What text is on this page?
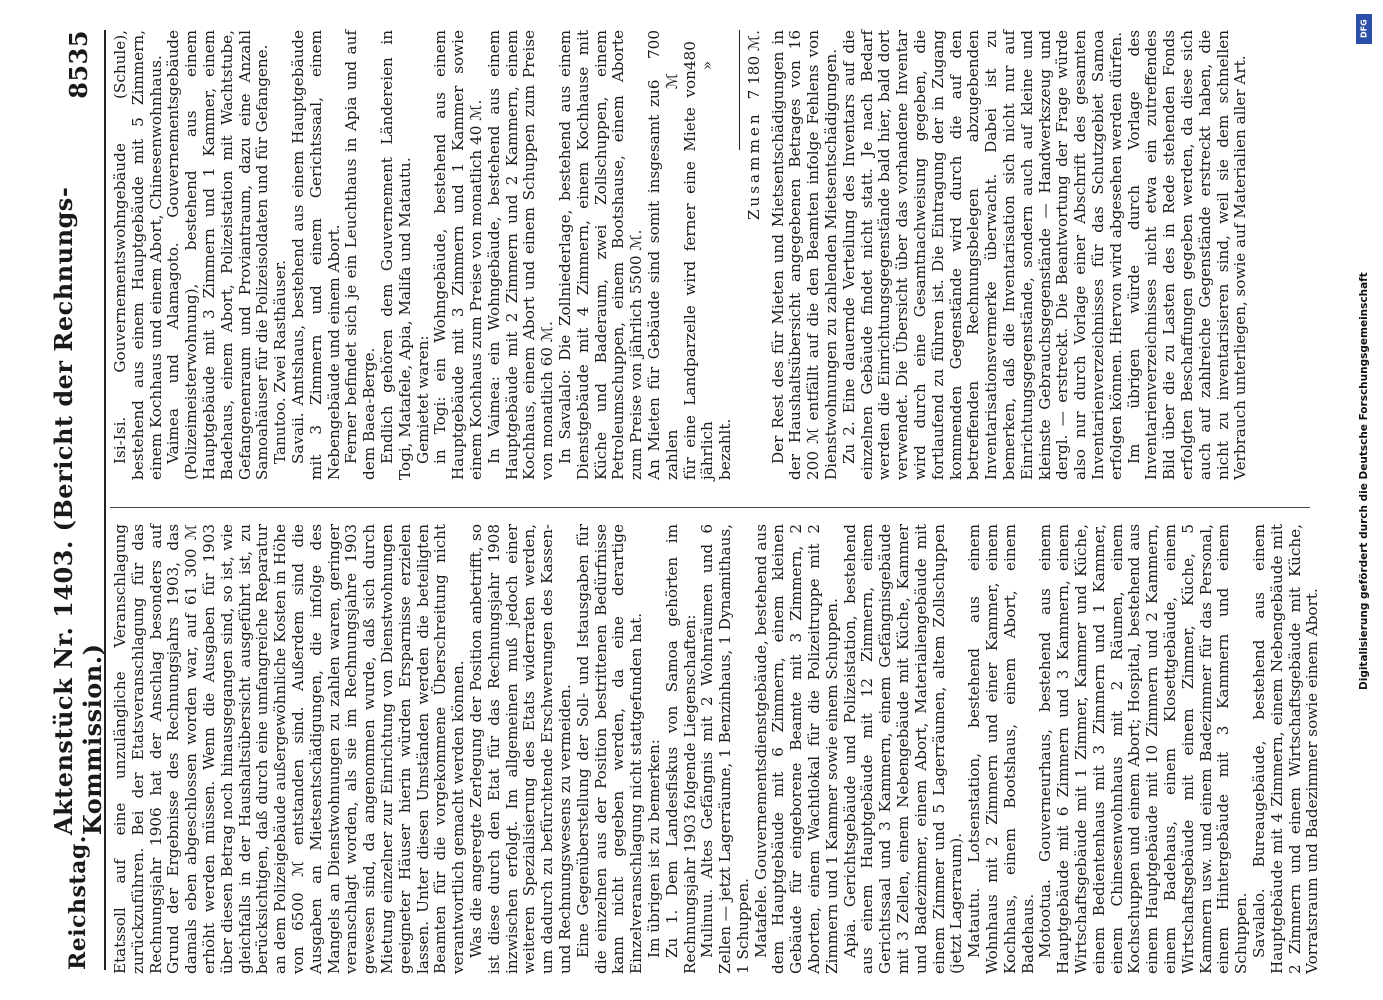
Reichstag.
Aktenstück Nr. 1403. (Bericht der Rechnungs-Kommission.)
8535

Etatssoll auf eine unzulängliche Veranschlagung zurückzuführen. Bei der Etatsveranschlagung für das Rechnungsjahr 1906 hat der Anschlag besonders auf Grund der Ergebnisse des Rechnungsjahrs 1903, das damals eben abgeschlossen worden war, auf 61 300 ℳ erhöht werden müssen. Wenn die Ausgaben für 1903 über diesen Betrag noch hinausgegangen sind, so ist, wie gleichfalls in der Haushaltsübersicht ausgeführt ist, zu berücksichtigen, daß durch eine umfangreiche Reparatur an dem Polizeigebäude außergewöhnliche Kosten in Höhe von 6500 ℳ entstanden sind. Außerdem sind die Ausgaben an Mietsentschädigungen, die infolge des Mangels an Dienstwohnungen zu zahlen waren, geringer veranschlagt worden, als sie im Rechnungsjahre 1903 gewesen sind, da angenommen wurde, daß sich durch Mietung einzelner zur Einrichtung von Dienstwohnungen geeigneter Häuser hierin würden Ersparnisse erzielen lassen. Unter diesen Umständen werden die beteiligten Beamten für die vorgekommene Überschreitung nicht verantwortlich gemacht werden können. Was die angeregte Zerlegung der Position anbetrifft, so ist diese durch den Etat für das Rechnungsjahr 1908 inzwischen erfolgt. Im allgemeinen muß jedoch einer weiteren Spezialisierung des Etats widerraten werden, um dadurch zu befürchtende Erschwerungen des Kassen- und Rechnungswesens zu vermeiden. Eine Gegenüberstellung der Soll- und Istausgaben für die einzelnen aus der Position bestrittenen Bedürfnisse kann nicht gegeben werden, da eine derartige Einzelveranschlagung nicht stattgefunden hat. Im übrigen ist zu bemerken: Zu 1. Dem Landesfiskus von Samoa gehörten im Rechnungsjahr 1903 folgende Liegenschaften: Mulinuu. Altes Gefängnis mit 2 Wohnräumen und 6 Zellen — jetzt Lagerräume, 1 Benzinhaus, 1 Dynamithaus, 1 Schuppen. Matafele. Gouvernementsdienstgebäude, bestehend aus dem Hauptgebäude mit 6 Zimmern, einem kleinen Gebäude für eingeborene Beamte mit 3 Zimmern, 2 Aborten, einem Wachtlokal für die Polizeitruppe mit 2 Zimmern und 1 Kammer sowie einem Schuppen. Apia. Gerichtsgebäude und Polizeistation, bestehend aus einem Hauptgebäude mit 12 Zimmern, einem Gerichtssaal und 3 Kammern, einem Gefängnisgebäude mit 3 Zellen, einem Nebengebäude mit Küche, Kammer und Badezimmer, einem Abort, Materialiengebäude mit einem Zimmer und 5 Lagerräumen, altem Zollschuppen (jetzt Lagerraum). Matautu. Lotsenstation, bestehend aus einem Wohnhaus mit 2 Zimmern und einer Kammer, einem Kochhaus, einem Bootshaus, einem Abort, einem Badehaus. Motootua. Gouverneurhaus, bestehend aus einem Hauptgebäude mit 6 Zimmern und 3 Kammern, einem Wirtschaftsgebäude mit 1 Zimmer, Kammer und Küche, einem Bedientenhaus mit 3 Zimmern und 1 Kammer, einem Chinesenwohnhaus mit 2 Räumen, einem Kochschuppen und einem Abort; Hospital, bestehend aus einem Hauptgebäude mit 10 Zimmern und 2 Kammern, einem Badehaus, einem Klosettgebäude, einem Wirtschaftsgebäude mit einem Zimmer, Küche, 5 Kammern usw. und einem Badezimmer für das Personal, einem Hintergebäude mit 3 Kammern und einem Schuppen. Savalalo. Bureaugebäude, bestehend aus einem Hauptgebäude mit 4 Zimmern, einem Nebengebäude mit 2 Zimmern und einem Wirtschaftsgebäude mit Küche, Vorratsraum und Badezimmer sowie einem Abort.

Isi-Isi. Gouvernementswohngebäude (Schule), bestehend aus einem Hauptgebäude mit 5 Zimmern, einem Kochhaus und einem Abort, Chinesenwohnhaus. Vaimea und Alamagoto. Gouvernementsgebäude (Polizeimeisterwohnung), bestehend aus einem Hauptgebäude mit 3 Zimmern und 1 Kammer, einem Badehaus, einem Abort, Polizeistation mit Wachtstube, Gefangenenraum und Proviantraum, dazu eine Anzahl Samoahäuser für die Polizeisoldaten und für Gefangene. Tanutoo. Zwei Rasthäuser. Savaii. Amtshaus, bestehend aus einem Hauptgebäude mit 3 Zimmern und einem Gerichtssaal, einem Nebengebäude und einem Abort. Ferner befindet sich je ein Leuchthaus in Apia und auf dem Baea-Berge. Endlich gehören dem Gouvernement Ländereien in Togi, Matafele, Apia, Malifa und Matautu. Gemietet waren: in Togi: ein Wohngebäude, bestehend aus einem Hauptgebäude mit 3 Zimmern und 1 Kammer sowie einem Kochhaus zum Preise von monatlich 40 ℳ. In Vaimea: ein Wohngebäude, bestehend aus einem Hauptgebäude mit 2 Zimmern und 2 Kammern, einem Kochhaus, einem Abort und einem Schuppen zum Preise von monatlich 60 ℳ. In Savalalo: Die Zollniederlage, bestehend aus einem Dienstgebäude mit 4 Zimmern, einem Kochhause mit Küche und Baderaum, zwei Zollschuppen, einem Petroleumschuppen, einem Bootshause, einem Aborte zum Preise von jährlich 5500 ℳ. An Mieten für Gebäude sind somit insgesamt zu zahlen
6 700 ℳ für eine Landparzelle wird ferner eine Miete von jährlich
480 »

bezahlt.

Zusammen
7 180 ℳ. Der Rest des für Mieten und Mietsentschädigungen in der Haushaltsübersicht angegebenen Betrages von 16 200 ℳ entfällt auf die den Beamten infolge Fehlens von Dienstwohnungen zu zahlenden Mietsentschädigungen. Zu 2. Eine dauernde Verteilung des Inventars auf die einzelnen Gebäude findet nicht statt. Je nach Bedarf werden die Einrichtungsgegenstände bald hier, bald dort verwendet. Die Übersicht über das vorhandene Inventar wird durch eine Gesamtnachweisung gegeben, die fortlaufend zu führen ist. Die Eintragung der in Zugang kommenden Gegenstände wird durch die auf den betreffenden Rechnungsbelegen abzugebenden Inventarisationsvermerke überwacht. Dabei ist zu bemerken, daß die Inventarisation sich nicht nur auf Einrichtungsgegenstände, sondern auch auf kleine und kleinste Gebrauchsgegenstände — Handwerkszeug und dergl. — erstreckt. Die Beantwortung der Frage würde also nur durch Vorlage einer Abschrift des gesamten Inventarienverzeichnisses für das Schutzgebiet Samoa erfolgen können. Hiervon wird abgesehen werden dürfen. Im übrigen würde durch Vorlage des Inventarienverzeichnisses nicht etwa ein zutreffendes Bild über die zu Lasten des in Rede stehenden Fonds erfolgten Beschaffungen gegeben werden, da diese sich auch auf zahlreiche Gegenstände erstreckt haben, die nicht zu inventarisieren sind, weil sie dem schnellen Verbrauch unterliegen, sowie auf Materialien aller Art.

DFG
Digitalisierung gefördert durch die Deutsche Forschungsgemeinschaft
